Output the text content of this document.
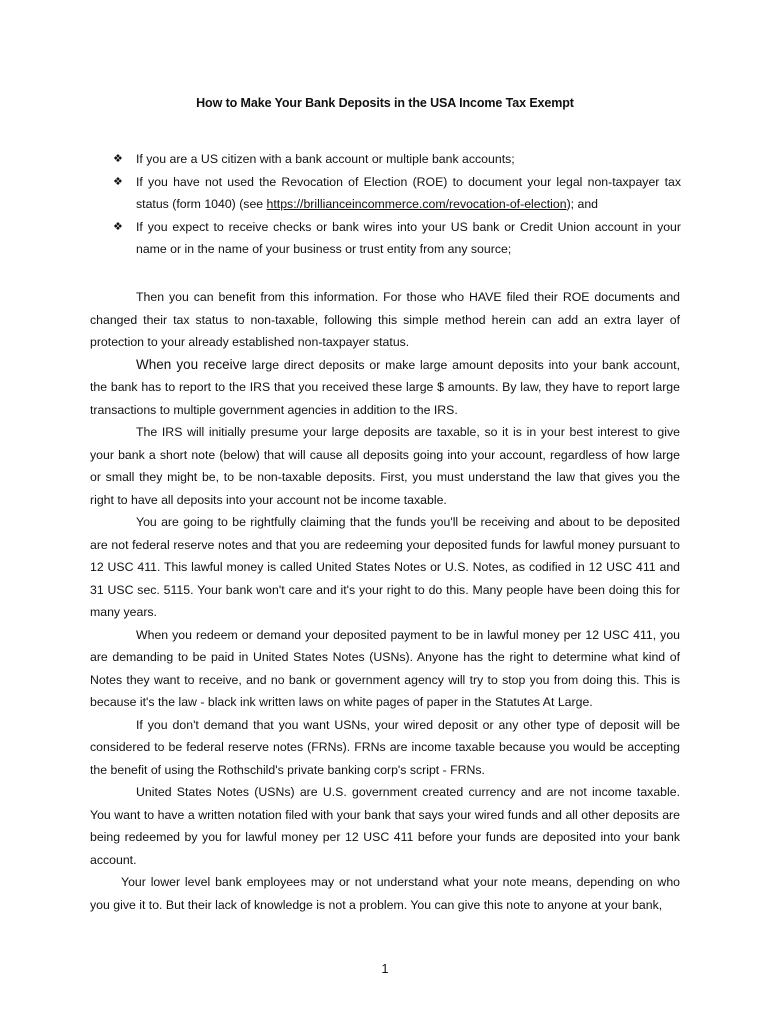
How to Make Your Bank Deposits in the USA Income Tax Exempt
❖ If you are a US citizen with a bank account or multiple bank accounts;
❖ If you have not used the Revocation of Election (ROE) to document your legal non-taxpayer tax status (form 1040) (see https://brillianceincommerce.com/revocation-of-election); and
❖ If you expect to receive checks or bank wires into your US bank or Credit Union account in your name or in the name of your business or trust entity from any source;

Then you can benefit from this information. For those who HAVE filed their ROE documents and changed their tax status to non-taxable, following this simple method herein can add an extra layer of protection to your already established non-taxpayer status.

When you receive large direct deposits or make large amount deposits into your bank account, the bank has to report to the IRS that you received these large $ amounts. By law, they have to report large transactions to multiple government agencies in addition to the IRS.

The IRS will initially presume your large deposits are taxable, so it is in your best interest to give your bank a short note (below) that will cause all deposits going into your account, regardless of how large or small they might be, to be non-taxable deposits. First, you must understand the law that gives you the right to have all deposits into your account not be income taxable.

You are going to be rightfully claiming that the funds you'll be receiving and about to be deposited are not federal reserve notes and that you are redeeming your deposited funds for lawful money pursuant to 12 USC 411. This lawful money is called United States Notes or U.S. Notes, as codified in 12 USC 411 and 31 USC sec. 5115. Your bank won't care and it's your right to do this. Many people have been doing this for many years.

When you redeem or demand your deposited payment to be in lawful money per 12 USC 411, you are demanding to be paid in United States Notes (USNs). Anyone has the right to determine what kind of Notes they want to receive, and no bank or government agency will try to stop you from doing this. This is because it's the law - black ink written laws on white pages of paper in the Statutes At Large.

If you don't demand that you want USNs, your wired deposit or any other type of deposit will be considered to be federal reserve notes (FRNs). FRNs are income taxable because you would be accepting the benefit of using the Rothschild's private banking corp's script - FRNs.

United States Notes (USNs) are U.S. government created currency and are not income taxable. You want to have a written notation filed with your bank that says your wired funds and all other deposits are being redeemed by you for lawful money per 12 USC 411 before your funds are deposited into your bank account.

Your lower level bank employees may or not understand what your note means, depending on who you give it to. But their lack of knowledge is not a problem. You can give this note to anyone at your bank,

1
